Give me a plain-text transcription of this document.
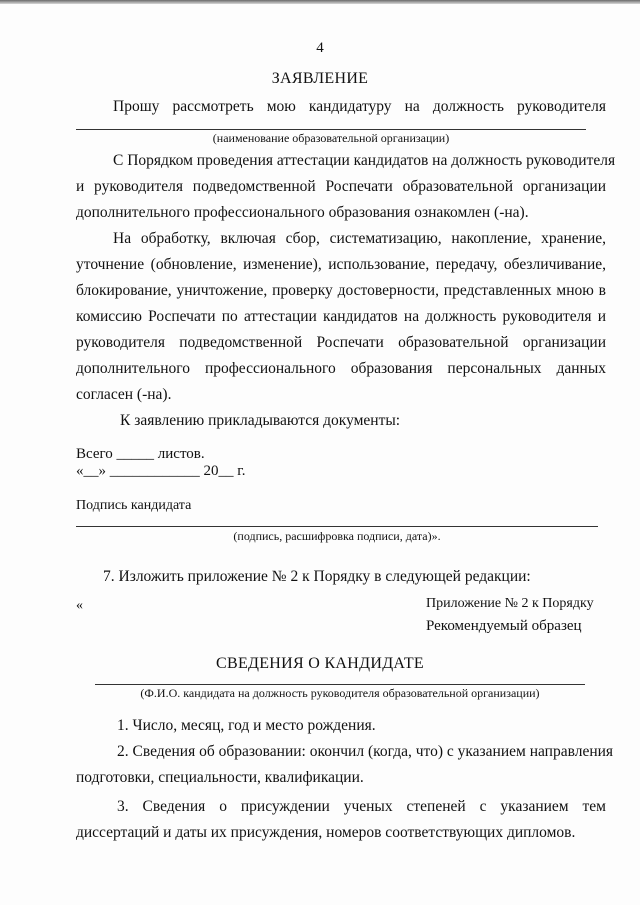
4
ЗАЯВЛЕНИЕ
Прошу рассмотреть мою кандидатуру на должность руководителя
(наименование образовательной организации)
С Порядком проведения аттестации кандидатов на должность руководителя
и руководителя подведомственной Роспечати образовательной организации
дополнительного профессионального образования ознакомлен (-на).
На обработку, включая сбор, систематизацию, накопление, хранение,
уточнение (обновление, изменение), использование, передачу, обезличивание,
блокирование, уничтожение, проверку достоверности, представленных мною в
комиссию Роспечати по аттестации кандидатов на должность руководителя и
руководителя подведомственной Роспечати образовательной организации
дополнительного профессионального образования персональных данных
согласен (-на).
К заявлению прикладываются документы:
Всего _____ листов.
«__» ____________ 20__ г.
Подпись кандидата
(подпись, расшифровка подписи, дата)».
7. Изложить приложение № 2 к Порядку в следующей редакции:
«	Приложение № 2 к Порядку
Рекомендуемый образец
СВЕДЕНИЯ О КАНДИДАТЕ
(Ф.И.О. кандидата на должность руководителя образовательной организации)
1. Число, месяц, год и место рождения.
2. Сведения об образовании: окончил (когда, что) с указанием направления
подготовки, специальности, квалификации.
3. Сведения о присуждении ученых степеней с указанием тем
диссертаций и даты их присуждения, номеров соответствующих дипломов.
